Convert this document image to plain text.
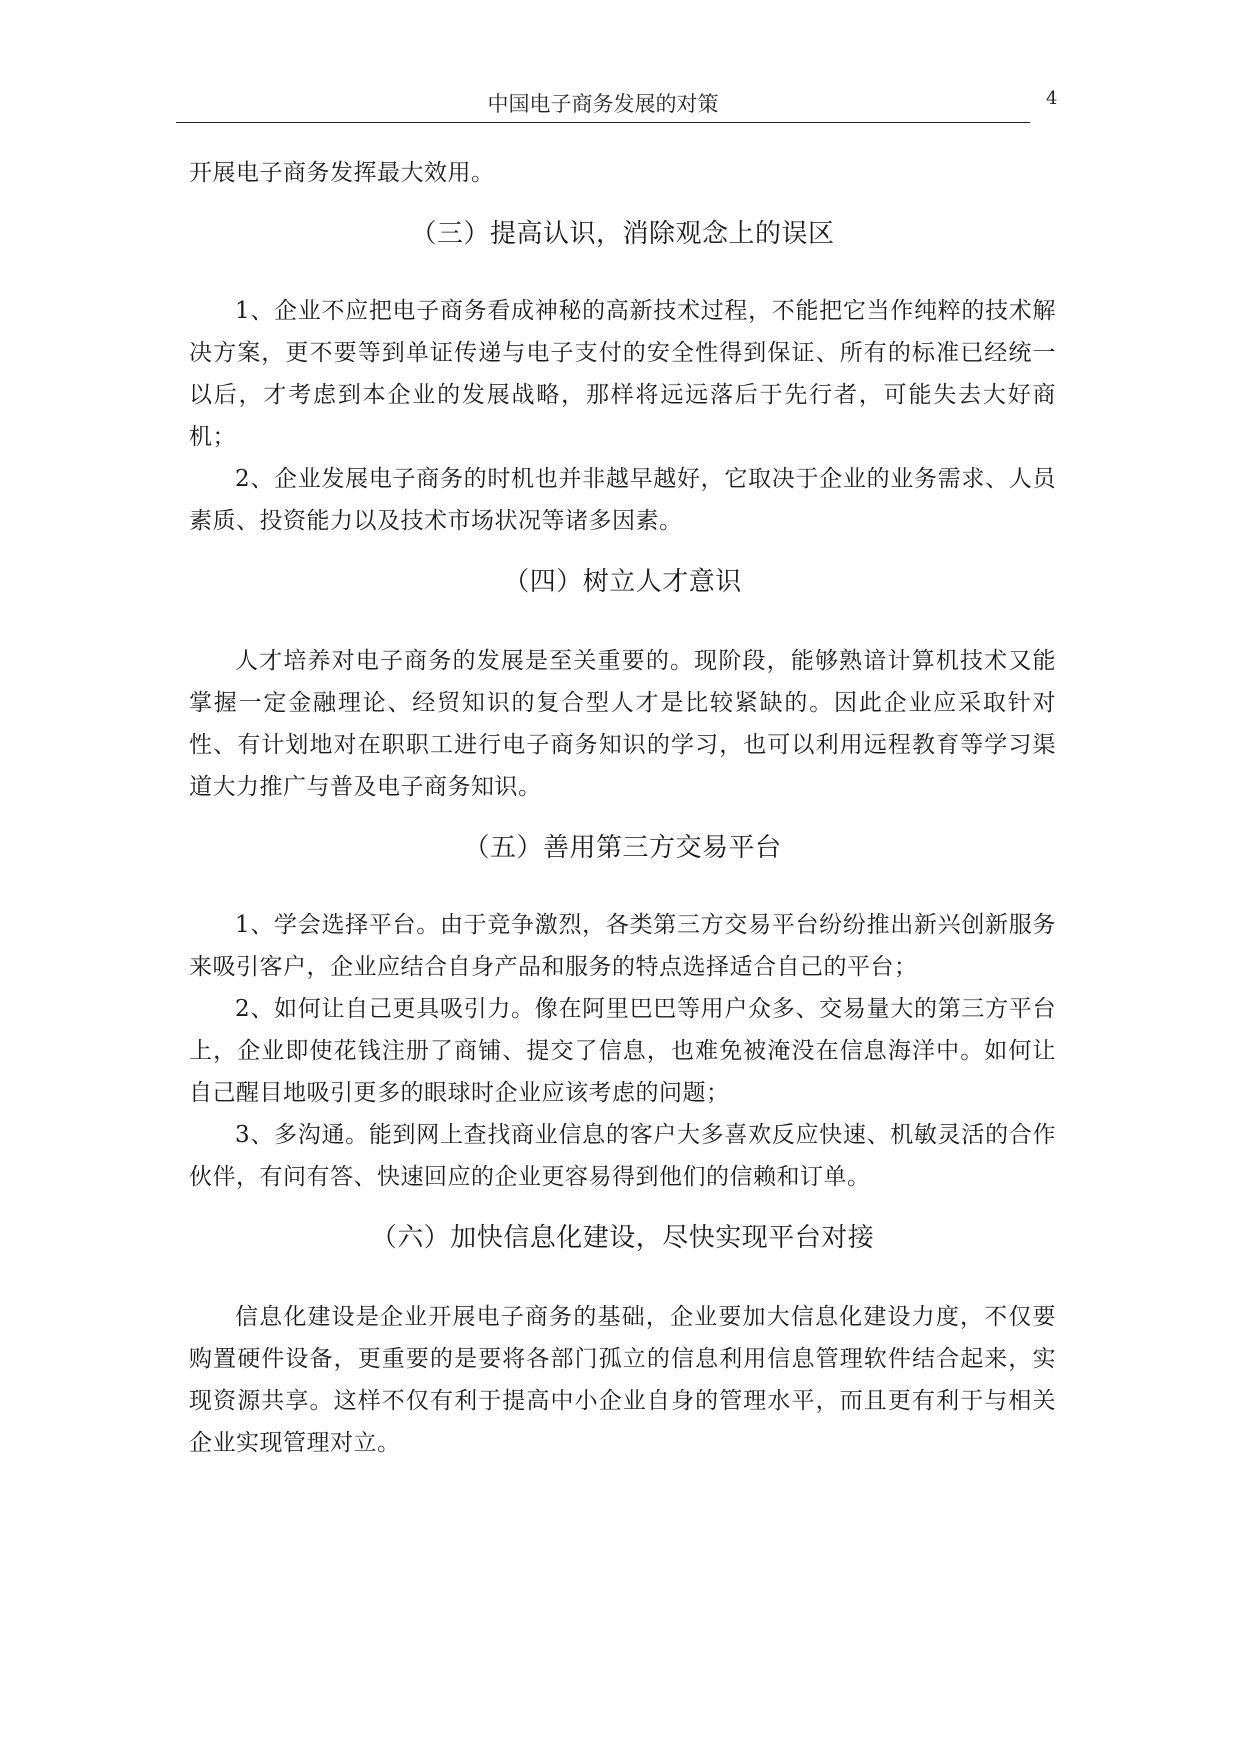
中国电子商务发展的对策	4

开展电子商务发挥最大效用。

（三）提高认识，消除观念上的误区

1、企业不应把电子商务看成神秘的高新技术过程，不能把它当作纯粹的技术解决方案，更不要等到单证传递与电子支付的安全性得到保证、所有的标准已经统一以后，才考虑到本企业的发展战略，那样将远远落后于先行者，可能失去大好商机；

2、企业发展电子商务的时机也并非越早越好，它取决于企业的业务需求、人员素质、投资能力以及技术市场状况等诸多因素。

（四）树立人才意识

人才培养对电子商务的发展是至关重要的。现阶段，能够熟谙计算机技术又能掌握一定金融理论、经贸知识的复合型人才是比较紧缺的。因此企业应采取针对性、有计划地对在职职工进行电子商务知识的学习，也可以利用远程教育等学习渠道大力推广与普及电子商务知识。

（五）善用第三方交易平台

1、学会选择平台。由于竞争激烈，各类第三方交易平台纷纷推出新兴创新服务来吸引客户，企业应结合自身产品和服务的特点选择适合自己的平台；

2、如何让自己更具吸引力。像在阿里巴巴等用户众多、交易量大的第三方平台上，企业即使花钱注册了商铺、提交了信息，也难免被淹没在信息海洋中。如何让自己醒目地吸引更多的眼球时企业应该考虑的问题；

3、多沟通。能到网上查找商业信息的客户大多喜欢反应快速、机敏灵活的合作伙伴，有问有答、快速回应的企业更容易得到他们的信赖和订单。

（六）加快信息化建设，尽快实现平台对接

信息化建设是企业开展电子商务的基础，企业要加大信息化建设力度，不仅要购置硬件设备，更重要的是要将各部门孤立的信息利用信息管理软件结合起来，实现资源共享。这样不仅有利于提高中小企业自身的管理水平，而且更有利于与相关企业实现管理对立。
